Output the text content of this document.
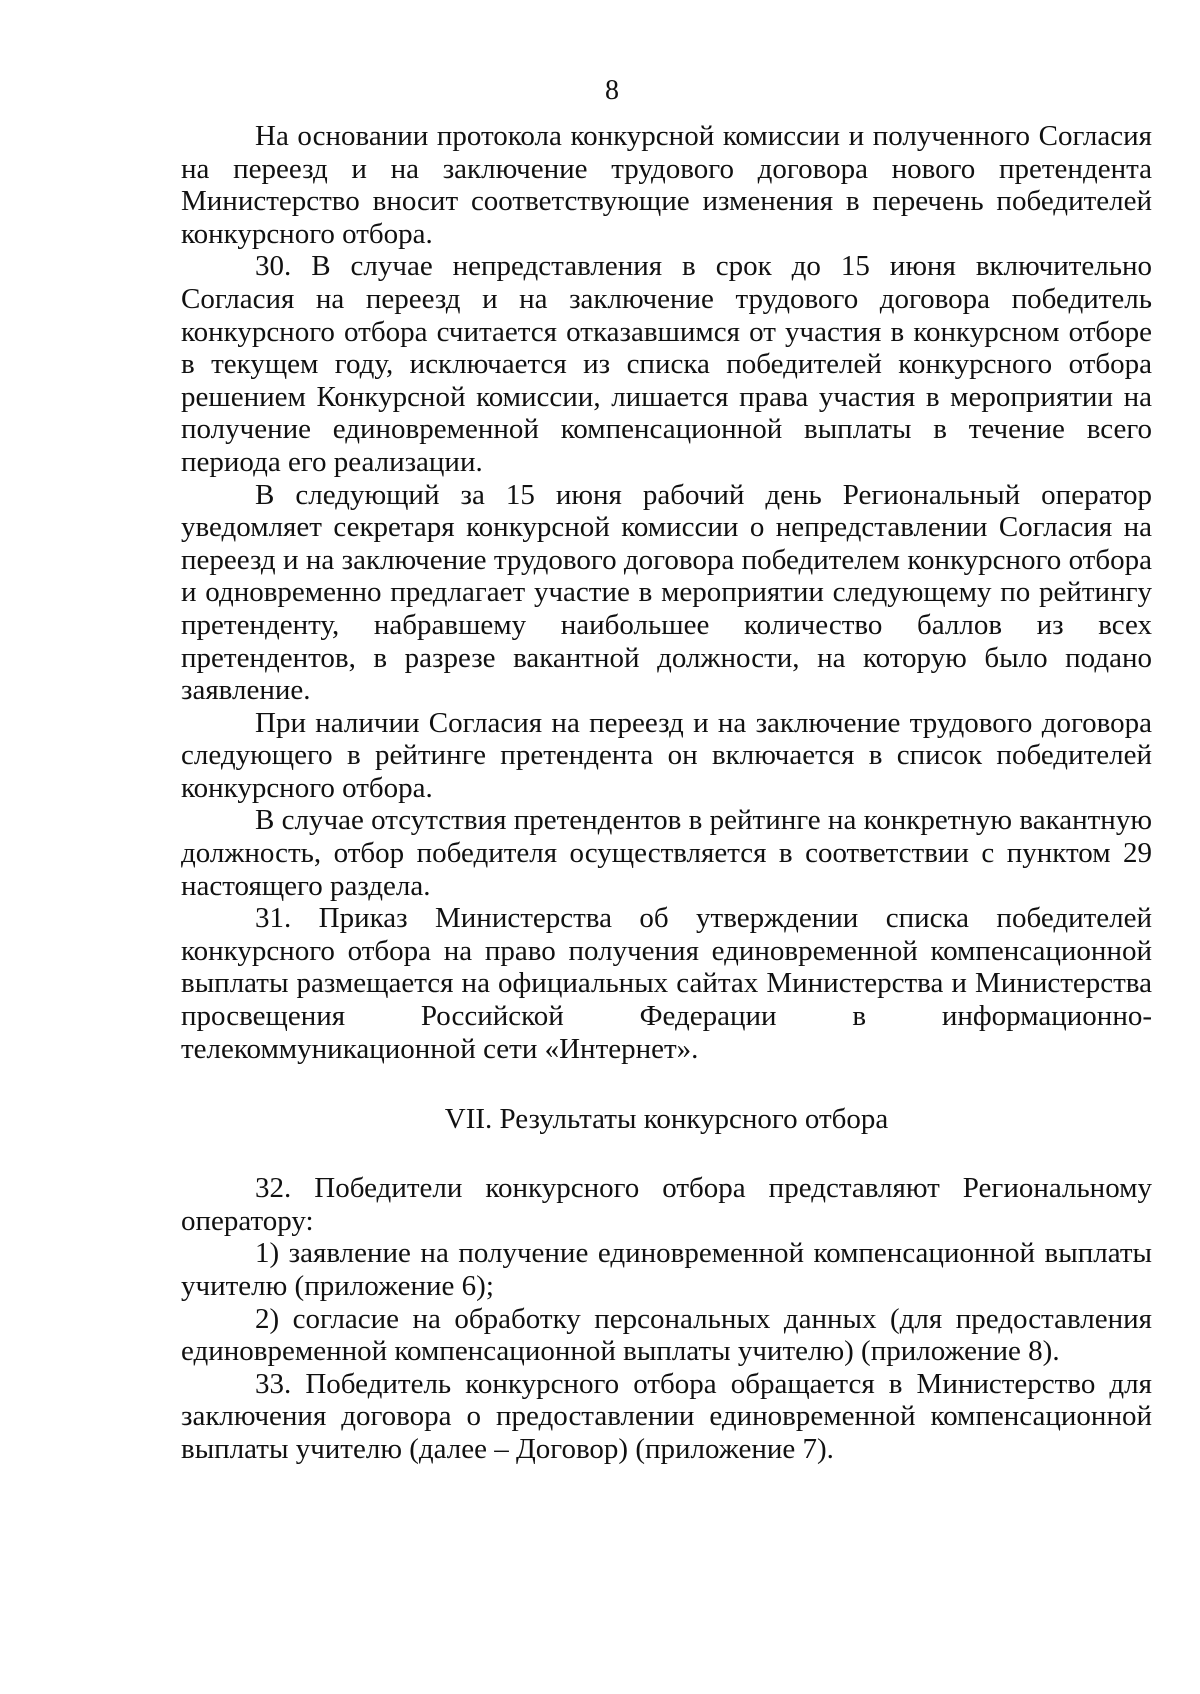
8

На основании протокола конкурсной комиссии и полученного Согласия на переезд и на заключение трудового договора нового претендента Министерство вносит соответствующие изменения в перечень победителей конкурсного отбора.

30. В случае непредставления в срок до 15 июня включительно Согласия на переезд и на заключение трудового договора победитель конкурсного отбора считается отказавшимся от участия в конкурсном отборе в текущем году, исключается из списка победителей конкурсного отбора решением Конкурсной комиссии, лишается права участия в мероприятии на получение единовременной компенсационной выплаты в течение всего периода его реализации.

В следующий за 15 июня рабочий день Региональный оператор уведомляет секретаря конкурсной комиссии о непредставлении Согласия на переезд и на заключение трудового договора победителем конкурсного отбора и одновременно предлагает участие в мероприятии следующему по рейтингу претенденту, набравшему наибольшее количество баллов из всех претендентов, в разрезе вакантной должности, на которую было подано заявление.

При наличии Согласия на переезд и на заключение трудового договора следующего в рейтинге претендента он включается в список победителей конкурсного отбора.

В случае отсутствия претендентов в рейтинге на конкретную вакантную должность, отбор победителя осуществляется в соответствии с пунктом 29 настоящего раздела.

31. Приказ Министерства об утверждении списка победителей конкурсного отбора на право получения единовременной компенсационной выплаты размещается на официальных сайтах Министерства и Министерства просвещения Российской Федерации в информационно-телекоммуникационной сети «Интернет».

VII. Результаты конкурсного отбора

32. Победители конкурсного отбора представляют Региональному оператору:

1) заявление на получение единовременной компенсационной выплаты учителю (приложение 6);

2) согласие на обработку персональных данных (для предоставления единовременной компенсационной выплаты учителю) (приложение 8).

33. Победитель конкурсного отбора обращается в Министерство для заключения договора о предоставлении единовременной компенсационной выплаты учителю (далее – Договор) (приложение 7).
